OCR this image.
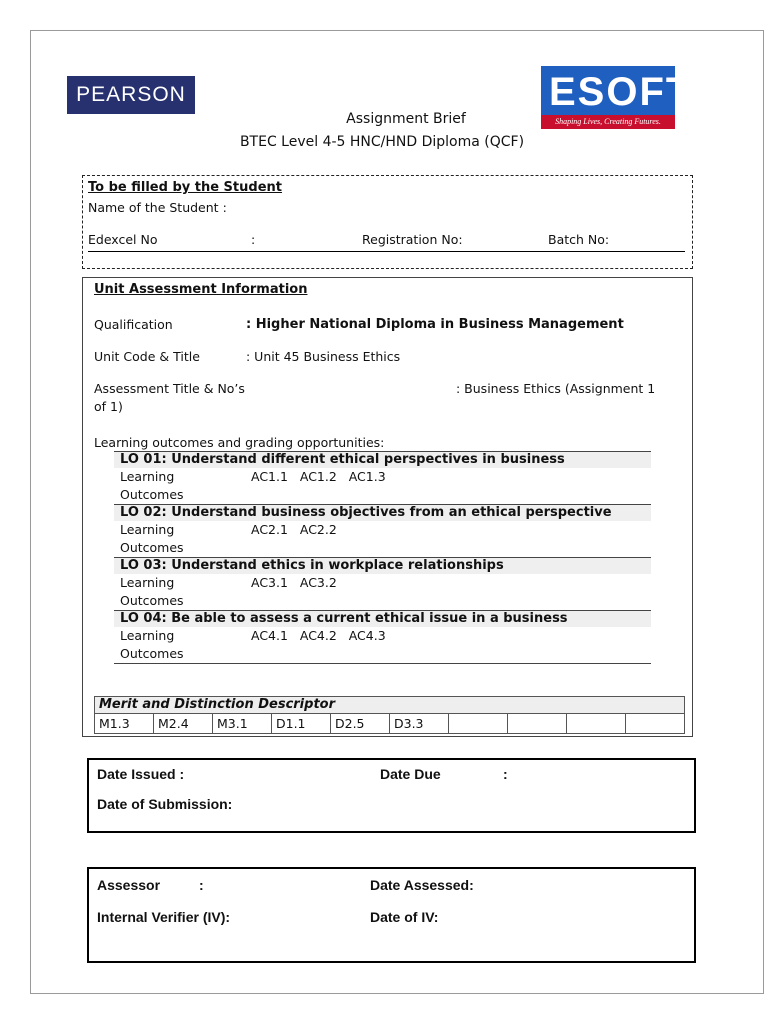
PEARSON	ESOFT
Shaping Lives, Creating Futures.
Assignment Brief
BTEC Level 4-5 HNC/HND Diploma (QCF)
To be filled by the Student
Name of the Student :
Edexcel No	:	Registration No:	Batch No:
Unit Assessment Information
Qualification	: Higher National Diploma in Business Management
Unit Code & Title	: Unit 45 Business Ethics
Assessment Title & No’s	: Business Ethics (Assignment 1
of 1)
Learning outcomes and grading opportunities:
LO 01: Understand different ethical perspectives in business
Learning
Outcomes
AC1.1   AC1.2   AC1.3
LO 02: Understand business objectives from an ethical perspective
Learning
Outcomes
AC2.1   AC2.2
LO 03: Understand ethics in workplace relationships
Learning
Outcomes
AC3.1   AC3.2
LO 04: Be able to assess a current ethical issue in a business
Learning
Outcomes
AC4.1   AC4.2   AC4.3
Merit and Distinction Descriptor
M1.3	M2.4	M3.1	D1.1	D2.5	D3.3
Date Issued :	Date Due	:
Date of Submission:
Assessor	:	Date Assessed:
Internal Verifier (IV):	Date of IV:
